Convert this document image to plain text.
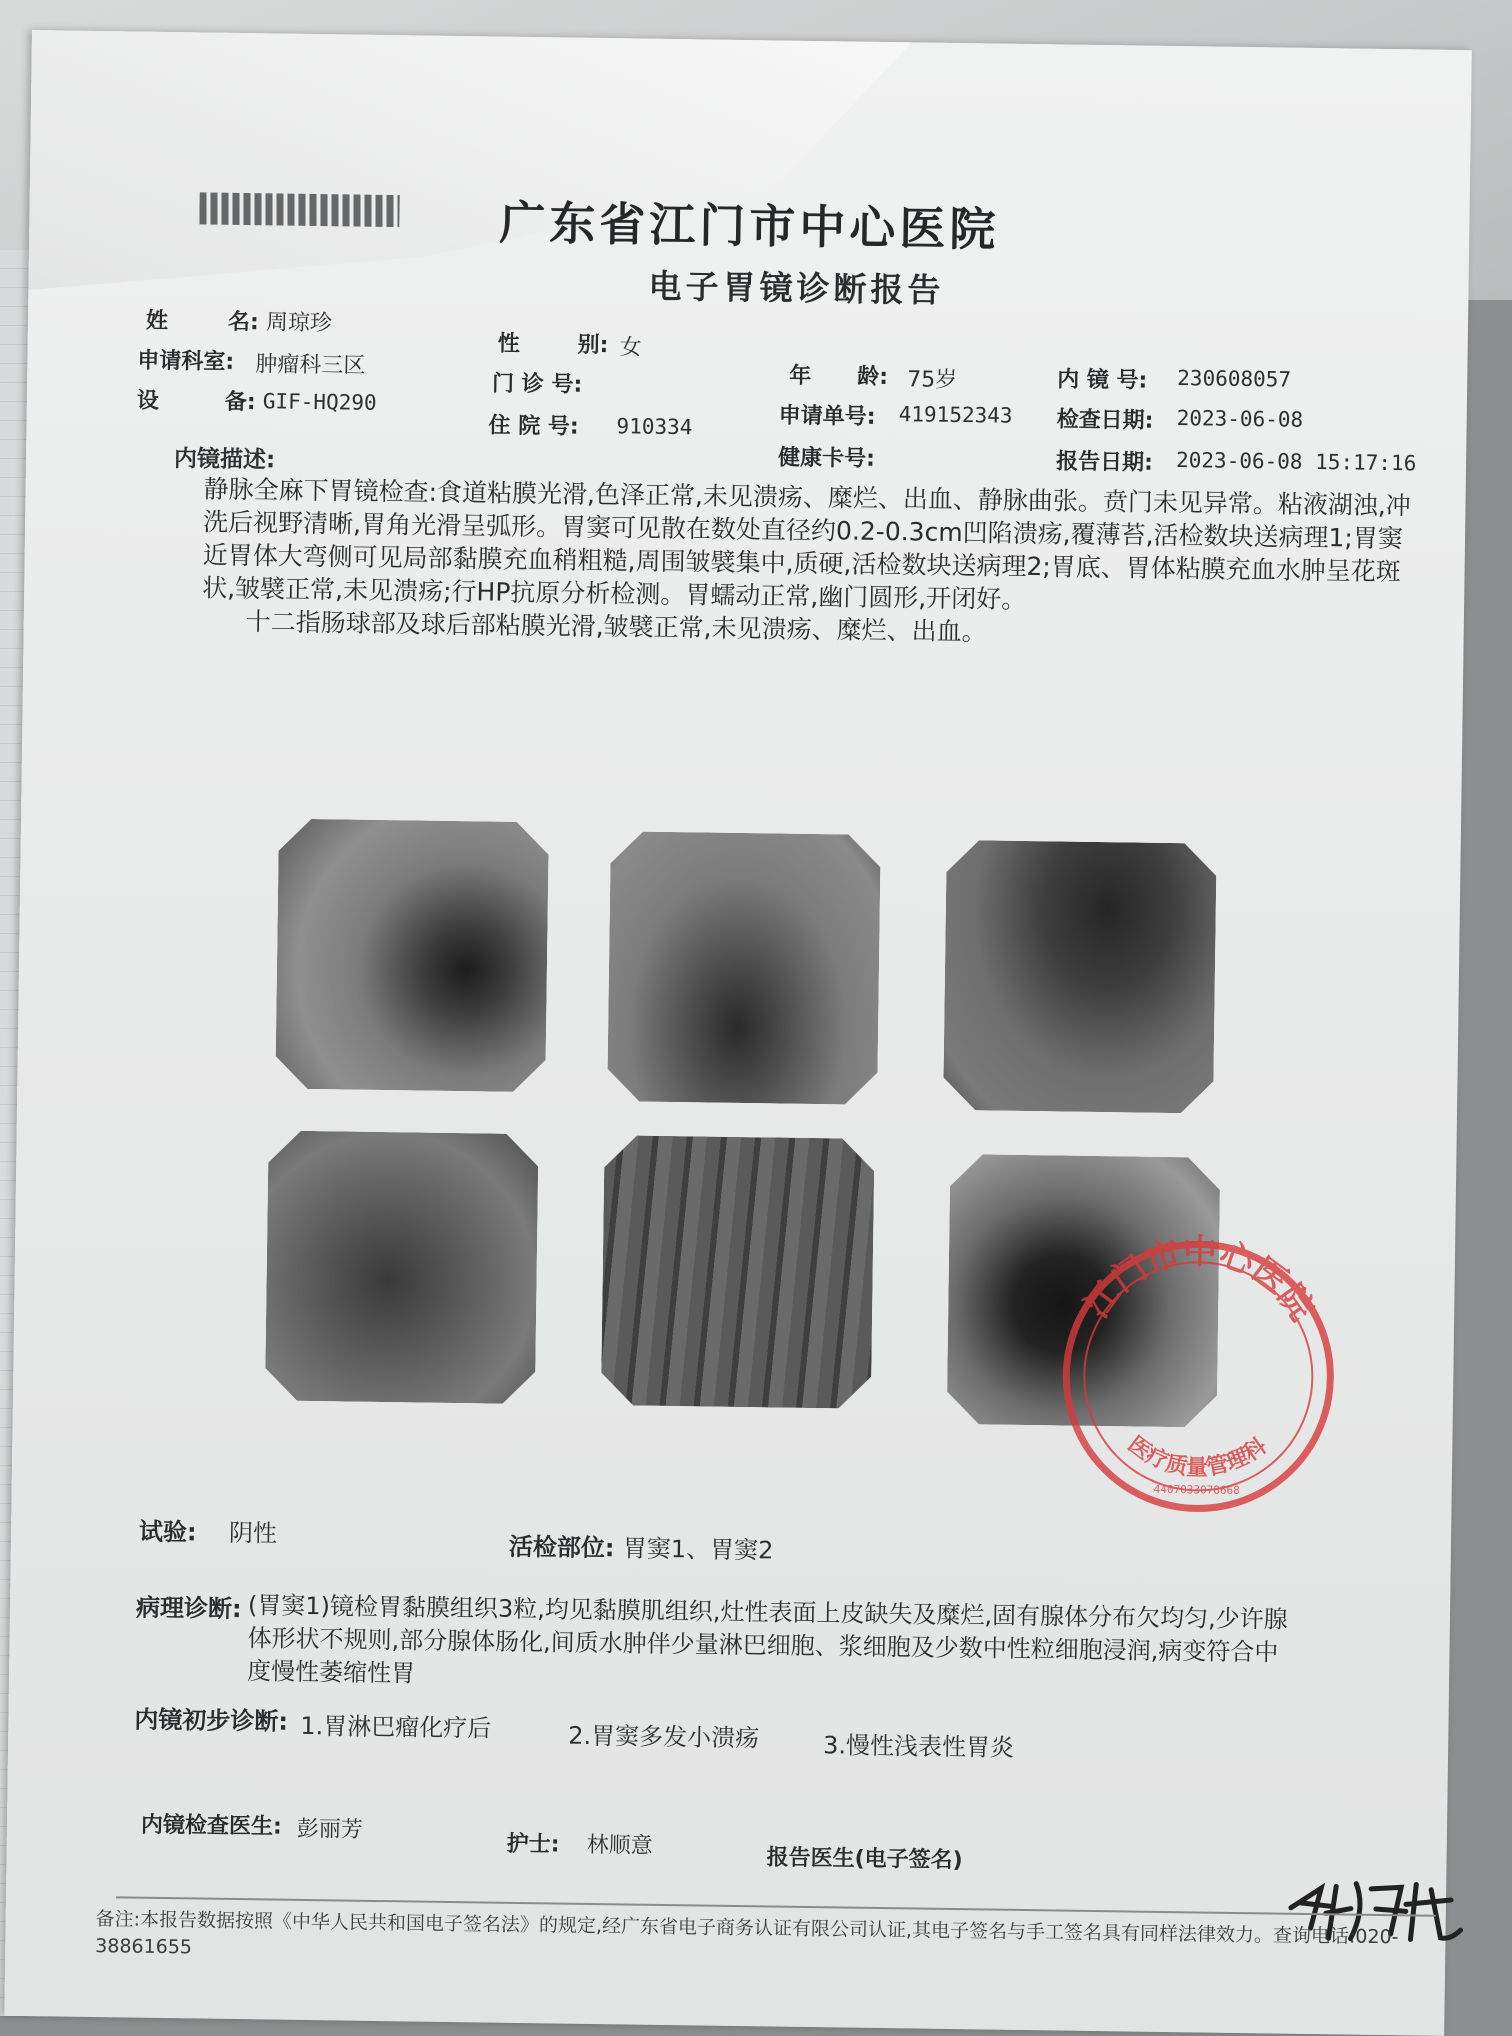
广东省江门市中心医院
电子胃镜诊断报告
姓	名: 周琼珍
性	别: 女
年 龄: 75岁	内 镜 号: 230608057
申请科室: 肿瘤科三区
门 诊 号:
申请单号: 419152343 检查日期: 2023-06-08
设	备: GIF-HQ290
住 院 号: 910334
健康卡号:	报告日期: 2023-06-08 15:17:16
内镜描述:

静脉全麻下胃镜检查:食道粘膜光滑,色泽正常,未见溃疡、糜烂、出血、静脉曲张。贲门未见异常。粘液湖浊,冲洗后视野清晰,胃角光滑呈弧形。胃窦可见散在数处直径约0.2-0.3cm凹陷溃疡,覆薄苔,活检数块送病理1;胃窦近胃体大弯侧可见局部黏膜充血稍粗糙,周围皱襞集中,质硬,活检数块送病理2;胃底、胃体粘膜充血水肿呈花斑状,皱襞正常,未见溃疡;行HP抗原分析检测。胃蠕动正常,幽门圆形,开闭好。

十二指肠球部及球后部粘膜光滑,皱襞正常,未见溃疡、糜烂、出血。

江门市中心医院
医疗质量管理科
4407033078668
试验: 阴性	活检部位: 胃窦1、胃窦2
病理诊断: (胃窦1)镜检胃黏膜组织3粒,均见黏膜肌组织,灶性表面上皮缺失及糜烂,固有腺体分布欠均匀,少许腺体形状不规则,部分腺体肠化,间质水肿伴少量淋巴细胞、浆细胞及少数中性粒细胞浸润,病变符合中度慢性萎缩性胃
内镜初步诊断: 1.胃淋巴瘤化疗后	2.胃窦多发小溃疡	3.慢性浅表性胃炎
内镜检查医生: 彭丽芳
护士: 林顺意	报告医生(电子签名)
备注:本报告数据按照《中华人民共和国电子签名法》的规定,经广东省电子商务认证有限公司认证,其电子签名与手工签名具有同样法律效力。查询电话:020-38861655
